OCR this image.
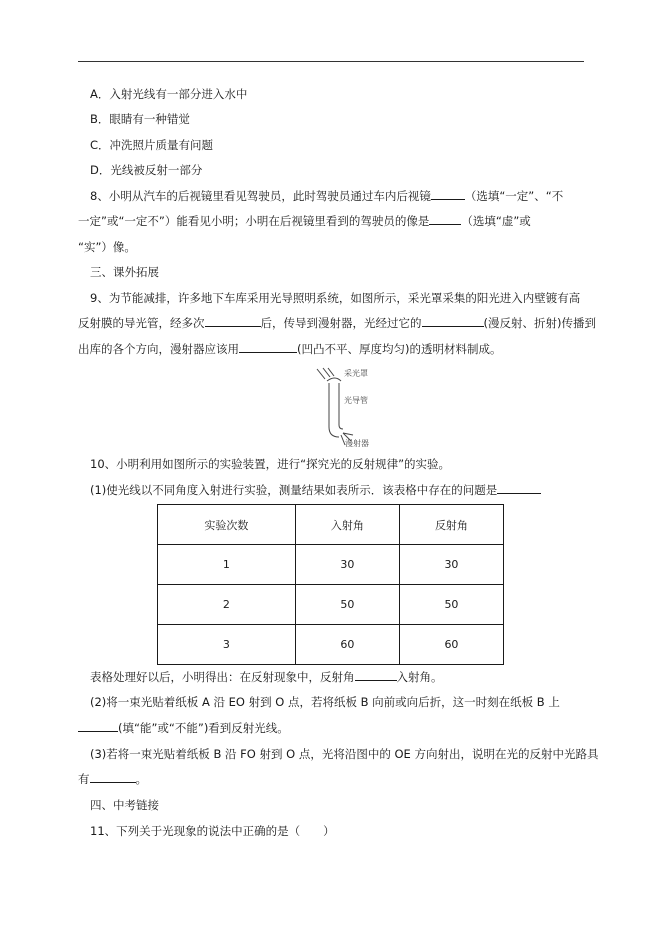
A．入射光线有一部分进入水中
B．眼睛有一种错觉
C．冲洗照片质量有问题
D．光线被反射一部分
8、小明从汽车的后视镜里看见驾驶员，此时驾驶员通过车内后视镜	（选填“一定”、“不
一定”或“一定不”）能看见小明；小明在后视镜里看到的驾驶员的像是	（选填“虚”或
“实”）像。
三、课外拓展
9、为节能减排，许多地下车库采用光导照明系统，如图所示，采光罩采集的阳光进入内壁镀有高
反射膜的导光管，经多次	后，传导到漫射器，光经过它的	(漫反射、折射)传播到
出库的各个方向，漫射器应该用	(凹凸不平、厚度均匀)的透明材料制成。
采光罩
光导管
漫射器
10、小明利用如图所示的实验装置，进行“探究光的反射规律”的实验。
(1)使光线以不同角度入射进行实验，测量结果如表所示．该表格中存在的问题是
实验次数	入射角	反射角
1	30	30
2	50	50
3	60	60
表格处理好以后，小明得出：在反射现象中，反射角	入射角。
(2)将一束光贴着纸板 A 沿 EO 射到 O 点，若将纸板 B 向前或向后折，这一时刻在纸板 B 上
(填“能”或“不能”)看到反射光线。
(3)若将一束光贴着纸板 B 沿 FO 射到 O 点，光将沿图中的 OE 方向射出，说明在光的反射中光路具
有	。
四、中考链接
11、下列关于光现象的说法中正确的是（　　）
